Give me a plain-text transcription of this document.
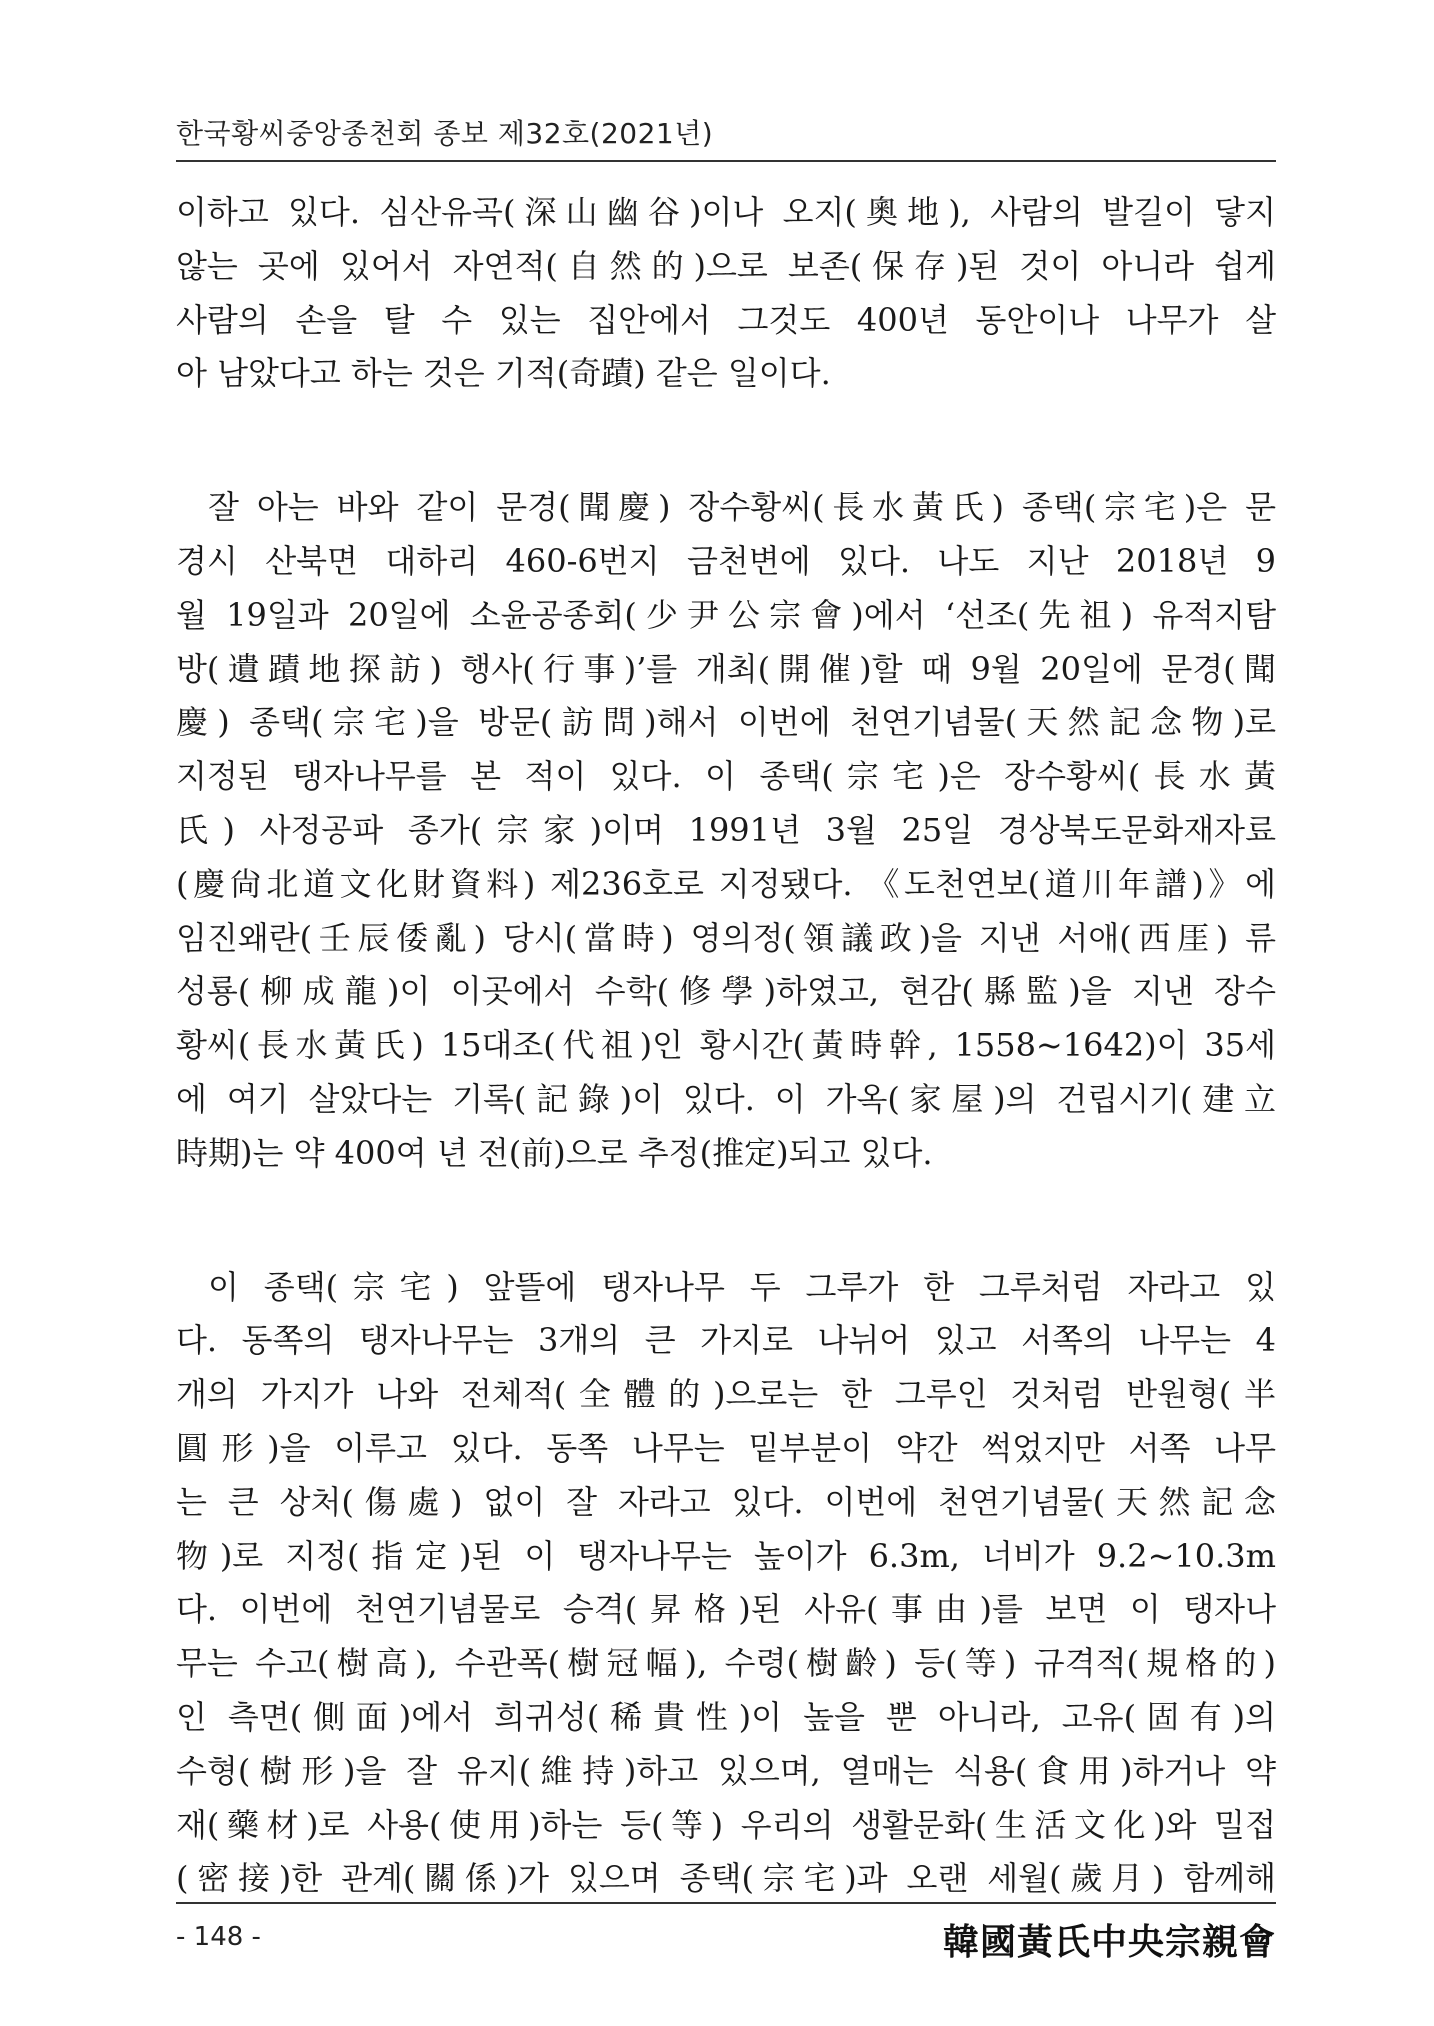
한국황씨중앙종천회 종보 제32호(2021년)
이하고 있다. 심산유곡(深山幽谷)이나 오지(奧地), 사람의 발길이 닿지
않는 곳에 있어서 자연적(自然的)으로 보존(保存)된 것이 아니라 쉽게
사람의 손을 탈 수 있는 집안에서 그것도 400년 동안이나 나무가 살
아 남았다고 하는 것은 기적(奇蹟) 같은 일이다.
잘 아는 바와 같이 문경(聞慶) 장수황씨(長水黃氏) 종택(宗宅)은 문
경시 산북면 대하리 460-6번지 금천변에 있다. 나도 지난 2018년 9
월 19일과 20일에 소윤공종회(少尹公宗會)에서 ‘선조(先祖) 유적지탐
방(遺蹟地探訪) 행사(行事)’를 개최(開催)할 때 9월 20일에 문경(聞
慶) 종택(宗宅)을 방문(訪問)해서 이번에 천연기념물(天然記念物)로
지정된 탱자나무를 본 적이 있다. 이 종택(宗宅)은 장수황씨(長水黃
氏) 사정공파 종가(宗家)이며 1991년 3월 25일 경상북도문화재자료
(慶尙北道文化財資料) 제236호로 지정됐다. 《도천연보(道川年譜)》에
임진왜란(壬辰倭亂) 당시(當時) 영의정(領議政)을 지낸 서애(西厓) 류
성룡(柳成龍)이 이곳에서 수학(修學)하였고, 현감(縣監)을 지낸 장수
황씨(長水黃氏) 15대조(代祖)인 황시간(黃時幹, 1558~1642)이 35세
에 여기 살았다는 기록(記錄)이 있다. 이 가옥(家屋)의 건립시기(建立
時期)는 약 400여 년 전(前)으로 추정(推定)되고 있다.
이 종택(宗宅) 앞뜰에 탱자나무 두 그루가 한 그루처럼 자라고 있
다. 동쪽의 탱자나무는 3개의 큰 가지로 나뉘어 있고 서쪽의 나무는 4
개의 가지가 나와 전체적(全體的)으로는 한 그루인 것처럼 반원형(半
圓形)을 이루고 있다. 동쪽 나무는 밑부분이 약간 썩었지만 서쪽 나무
는 큰 상처(傷處) 없이 잘 자라고 있다. 이번에 천연기념물(天然記念
物)로 지정(指定)된 이 탱자나무는 높이가 6.3m, 너비가 9.2~10.3m
다. 이번에 천연기념물로 승격(昇格)된 사유(事由)를 보면 이 탱자나
무는 수고(樹高), 수관폭(樹冠幅), 수령(樹齡) 등(等) 규격적(規格的)
인 측면(側面)에서 희귀성(稀貴性)이 높을 뿐 아니라, 고유(固有)의
수형(樹形)을 잘 유지(維持)하고 있으며, 열매는 식용(食用)하거나 약
재(藥材)로 사용(使用)하는 등(等) 우리의 생활문화(生活文化)와 밀접
(密接)한 관계(關係)가 있으며 종택(宗宅)과 오랜 세월(歲月) 함께해
- 148 -	韓國黃氏中央宗親會
